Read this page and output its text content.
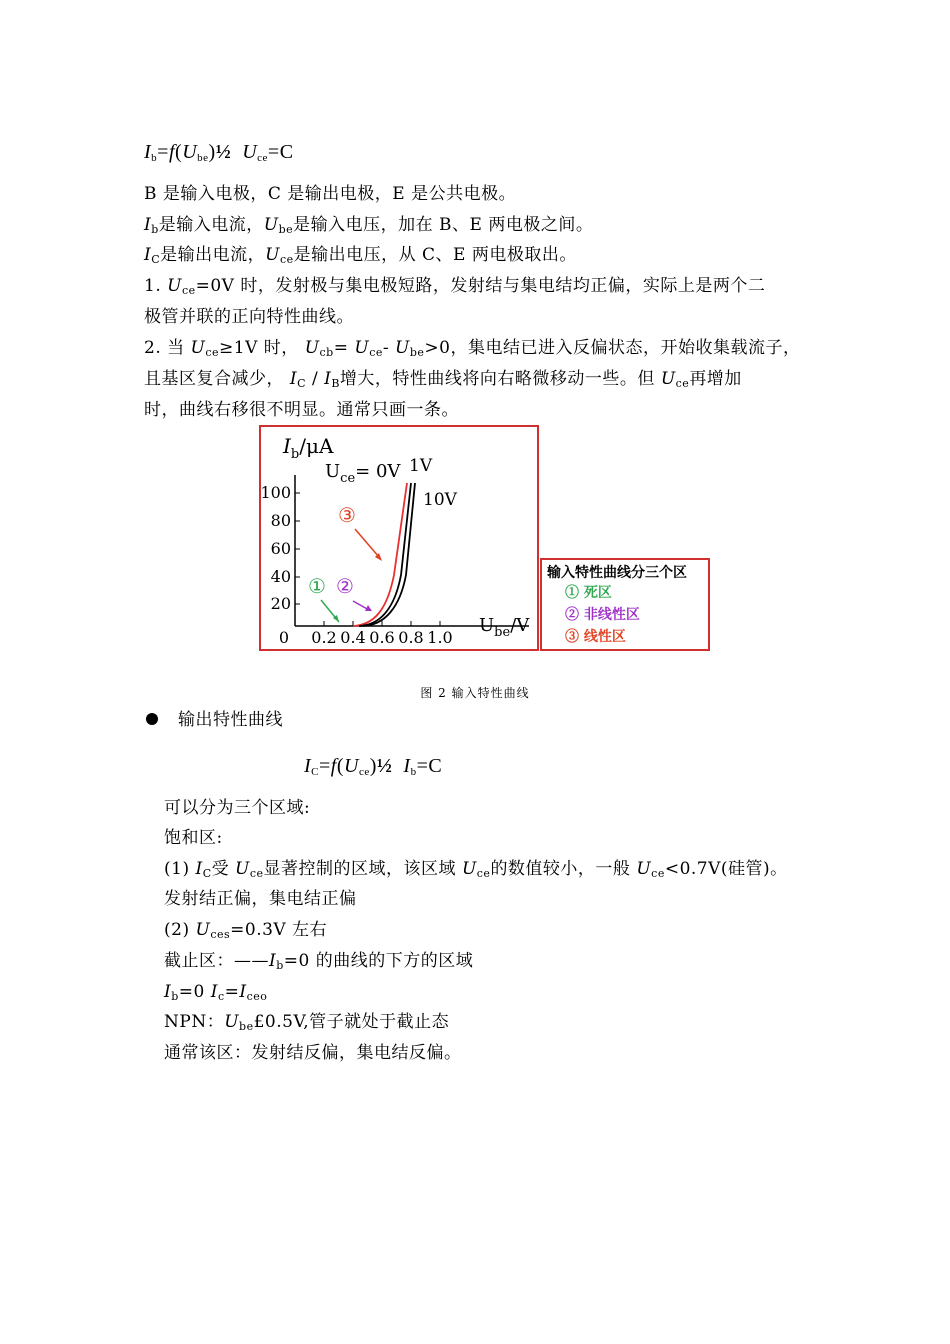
$I_b=f(U_{be})\frac{1}{2}$ $U_{ce}=C$
B 是输入电极，C 是输出电极，E 是公共电极。
$I_b$是输入电流，$U_{be}$是输入电压，加在 B、E 两电极之间。
$I_C$是输出电流，$U_{ce}$是输出电压，从 C、E 两电极取出。
1. $U_{ce}=0V$ 时，发射极与集电极短路，发射结与集电结均正偏，实际上是两个二
极管并联的正向特性曲线。
2. 当 $U_{ce}\ge 1V$ 时， $U_{cb}= U_{ce}-$ $U_{be}>0$，集电结已进入反偏状态，开始收集载流子，
且基区复合减少， $I_C / I_B$增大，特性曲线将向右略微移动一些。但 $U_{ce}$再增加
时，曲线右移很不明显。通常只画一条。
100
80
60
40
20
0 0.2 0.4 0.6 0.8 1.0
$I_b/\mu A$
$U_{be}/V$
$U_{ce}= 0V$ 1V
10V
① ②
③
输入特性曲线分三个区
① 死区
② 非线性区
③ 线性区
图 2 输入特性曲线
输出特性曲线
$I_C=f(U_{ce})\frac{1}{2}$ $I_b=C$
可以分为三个区域:
饱和区:
(1) $I_C$受 $U_{ce}$显著控制的区域，该区域 $U_{ce}$的数值较小，一般 $U_{ce}<0.7V$(硅管)。
发射结正偏，集电结正偏
(2) $U_{ces}=0.3V$ 左右
截止区：$——I_b=0$ 的曲线的下方的区域
$I_b=0$ $I_c=I_{ceo}$
NPN：$U_{be}£0.5V$,管子就处于截止态
通常该区：发射结反偏，集电结反偏。
